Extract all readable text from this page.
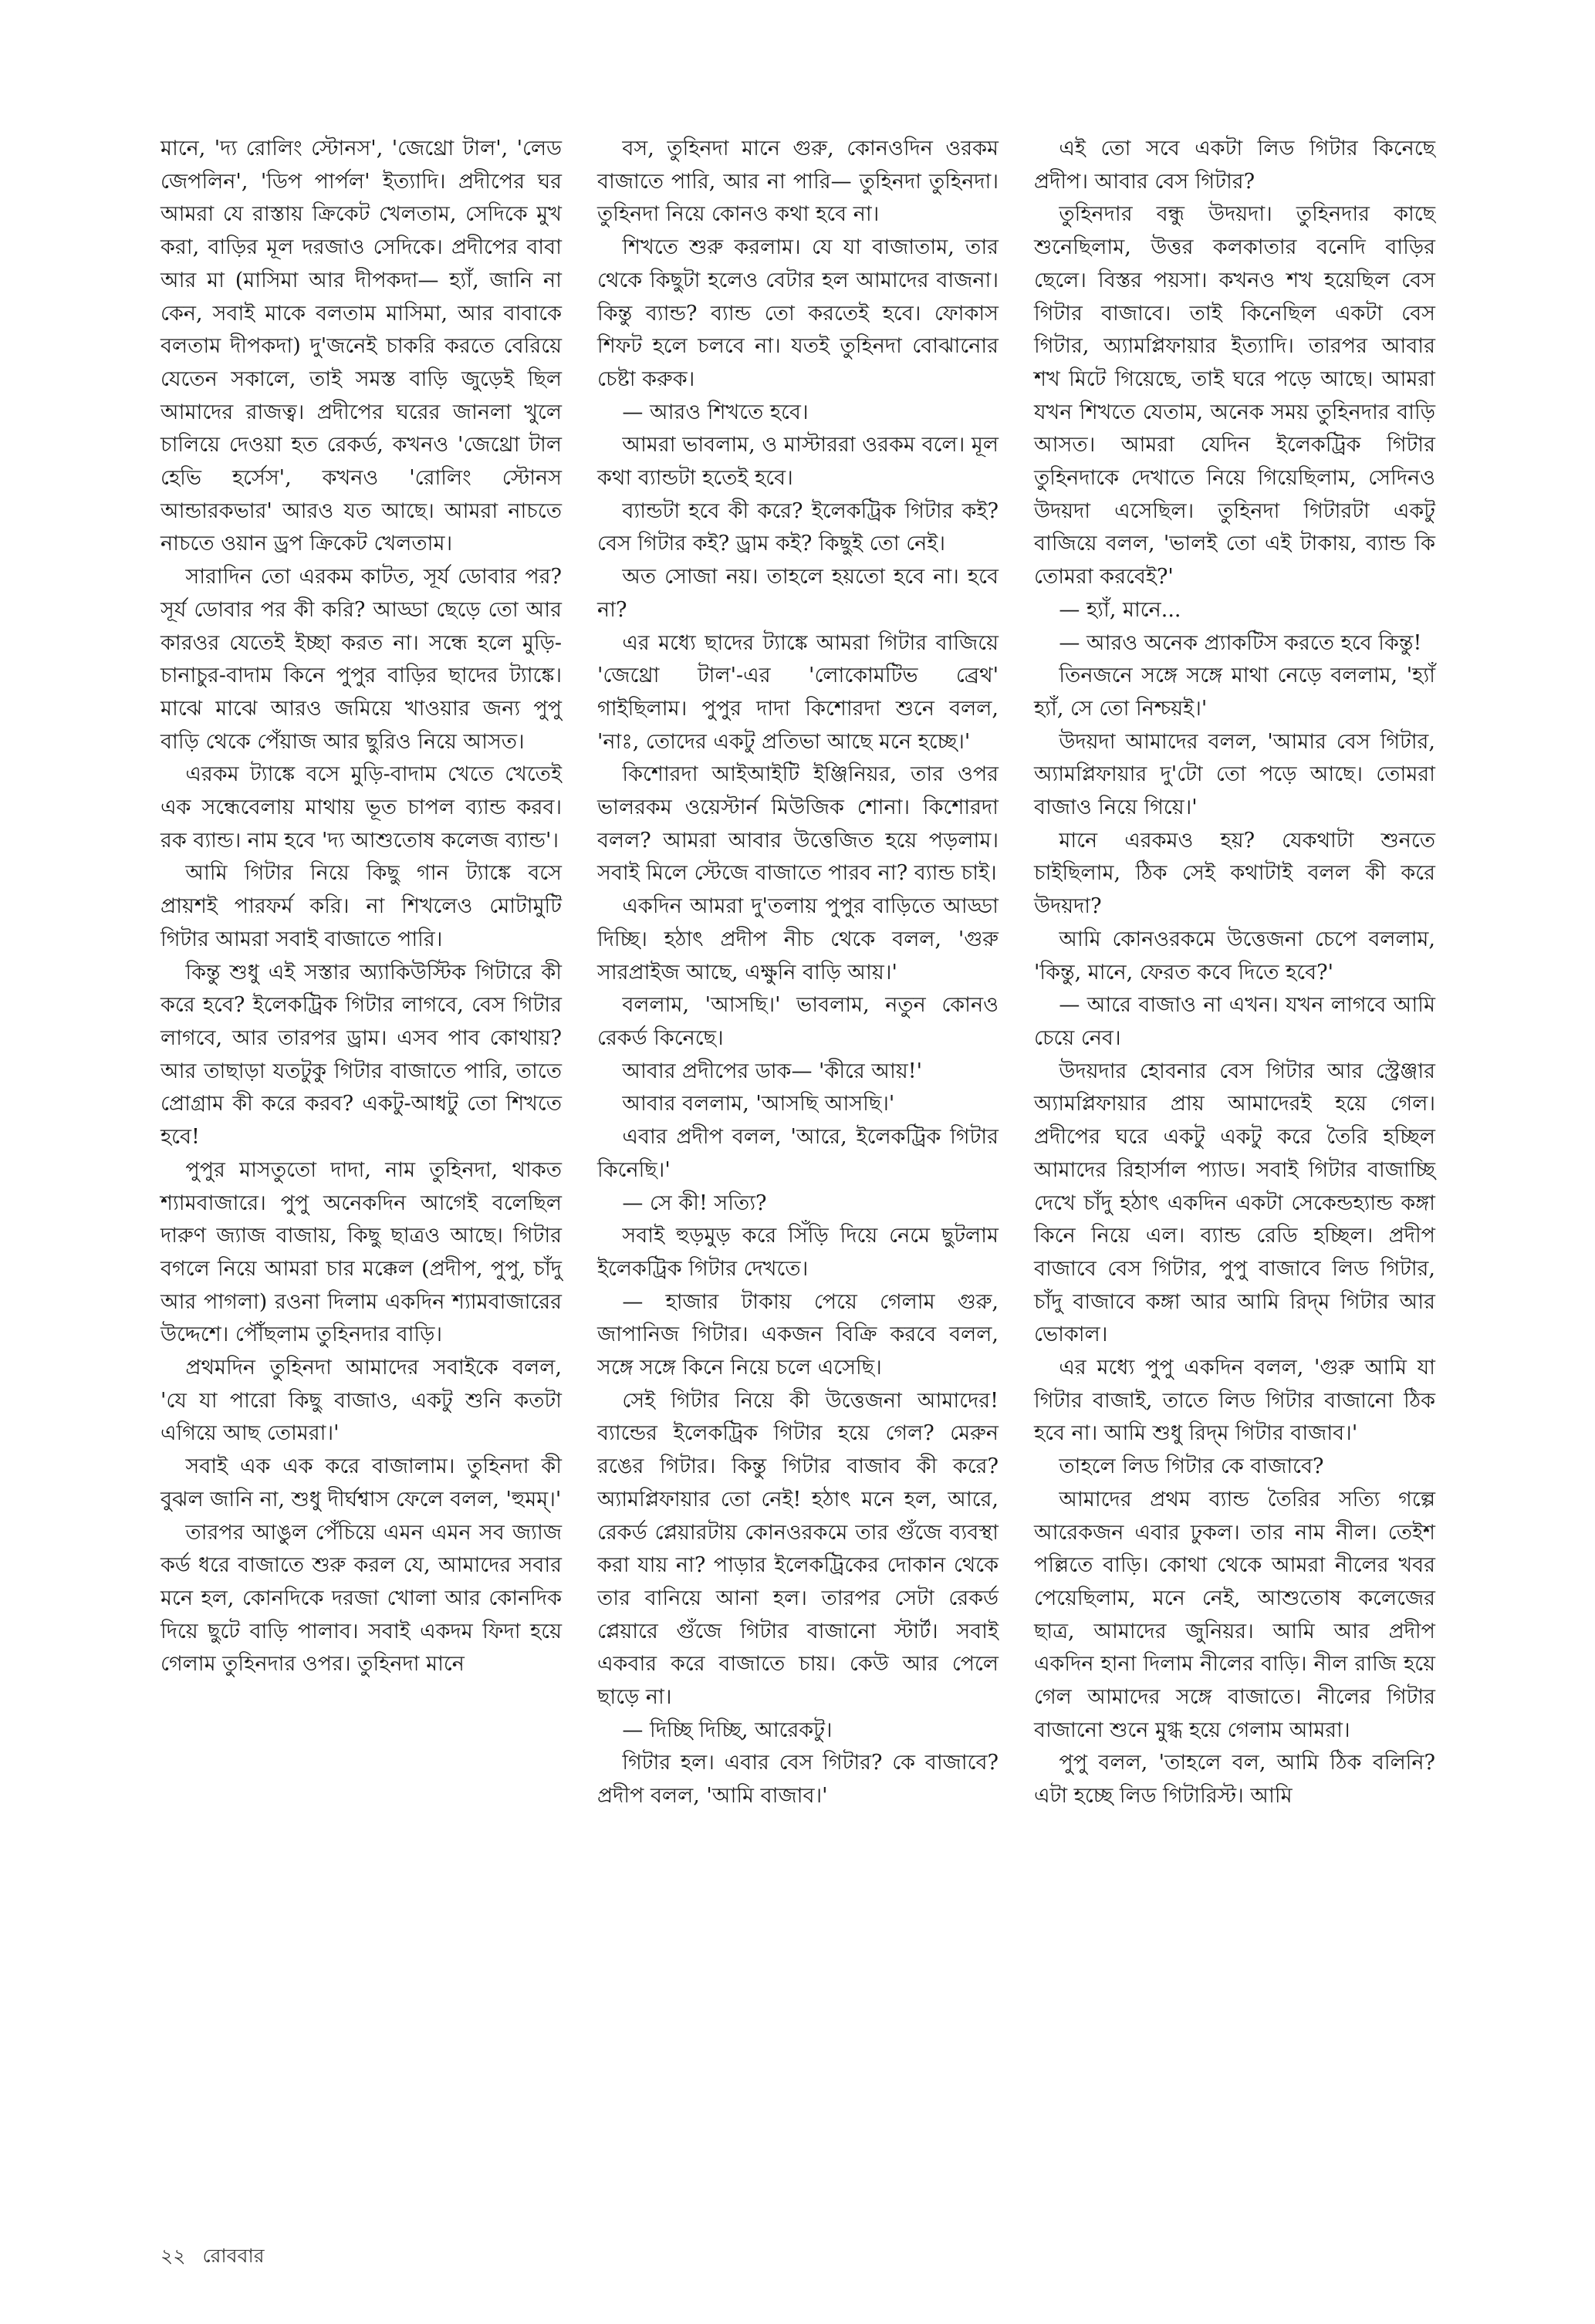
মানে, 'দ্য রোলিং স্টোনস', 'জেথ্রো টাল', 'লেড জেপলিন', 'ডিপ পার্পল' ইত্যাদি। প্রদীপের ঘর আমরা যে রাস্তায় ক্রিকেট খেলতাম, সেদিকে মুখ করা, বাড়ির মূল দরজাও সেদিকে। প্রদীপের বাবা আর মা (মাসিমা আর দীপকদা— হ্যাঁ, জানি না কেন, সবাই মাকে বলতাম মাসিমা, আর বাবাকে বলতাম দীপকদা) দু'জনেই চাকরি করতে বেরিয়ে যেতেন সকালে, তাই সমস্ত বাড়ি জুড়েই ছিল আমাদের রাজত্ব। প্রদীপের ঘরের জানলা খুলে চালিয়ে দেওয়া হত রেকর্ড, কখনও 'জেথ্রো টাল হেভি হর্সেস', কখনও 'রোলিং স্টোনস আন্ডারকভার' আরও যত আছে। আমরা নাচতে নাচতে ওয়ান ড্রপ ক্রিকেট খেলতাম।

সারাদিন তো এরকম কাটত, সূর্য ডোবার পর? সূর্য ডোবার পর কী করি? আড্ডা ছেড়ে তো আর কারওর যেতেই ইচ্ছা করত না। সন্ধে হলে মুড়ি-চানাচুর-বাদাম কিনে পুপুর বাড়ির ছাদের ট্যাঙ্কে। মাঝে মাঝে আরও জমিয়ে খাওয়ার জন্য পুপু বাড়ি থেকে পেঁয়াজ আর ছুরিও নিয়ে আসত।

এরকম ট্যাঙ্কে বসে মুড়ি-বাদাম খেতে খেতেই এক সন্ধেবেলায় মাথায় ভূত চাপল ব্যান্ড করব। রক ব্যান্ড। নাম হবে 'দ্য আশুতোষ কলেজ ব্যান্ড'।

আমি গিটার নিয়ে কিছু গান ট্যাঙ্কে বসে প্রায়শই পারফর্ম করি। না শিখলেও মোটামুটি গিটার আমরা সবাই বাজাতে পারি।

কিন্তু শুধু এই সস্তার অ্যাকিউস্টিক গিটারে কী করে হবে? ইলেকট্রিক গিটার লাগবে, বেস গিটার লাগবে, আর তারপর ড্রাম। এসব পাব কোথায়? আর তাছাড়া যতটুকু গিটার বাজাতে পারি, তাতে প্রোগ্রাম কী করে করব? একটু-আধটু তো শিখতে হবে!

পুপুর মাসতুতো দাদা, নাম তুহিনদা, থাকত শ্যামবাজারে। পুপু অনেকদিন আগেই বলেছিল দারুণ জ্যাজ বাজায়, কিছু ছাত্রও আছে। গিটার বগলে নিয়ে আমরা চার মক্কেল (প্রদীপ, পুপু, চাঁদু আর পাগলা) রওনা দিলাম একদিন শ্যামবাজারের উদ্দেশে। পৌঁছলাম তুহিনদার বাড়ি।

প্রথমদিন তুহিনদা আমাদের সবাইকে বলল, 'যে যা পারো কিছু বাজাও, একটু শুনি কতটা এগিয়ে আছ তোমরা।'

সবাই এক এক করে বাজালাম। তুহিনদা কী বুঝল জানি না, শুধু দীর্ঘশ্বাস ফেলে বলল, 'হুমম্।'

তারপর আঙুল পেঁচিয়ে এমন এমন সব জ্যাজ কর্ড ধরে বাজাতে শুরু করল যে, আমাদের সবার মনে হল, কোনদিকে দরজা খোলা আর কোনদিক দিয়ে ছুটে বাড়ি পালাব। সবাই একদম ফিদা হয়ে গেলাম তুহিনদার ওপর। তুহিনদা মানে

বস, তুহিনদা মানে গুরু, কোনওদিন ওরকম বাজাতে পারি, আর না পারি— তুহিনদা তুহিনদা। তুহিনদা নিয়ে কোনও কথা হবে না।

শিখতে শুরু করলাম। যে যা বাজাতাম, তার থেকে কিছুটা হলেও বেটার হল আমাদের বাজনা। কিন্তু ব্যান্ড? ব্যান্ড তো করতেই হবে। ফোকাস শিফট হলে চলবে না। যতই তুহিনদা বোঝানোর চেষ্টা করুক।

— আরও শিখতে হবে।

আমরা ভাবলাম, ও মাস্টাররা ওরকম বলে। মূল কথা ব্যান্ডটা হতেই হবে।

ব্যান্ডটা হবে কী করে? ইলেকট্রিক গিটার কই? বেস গিটার কই? ড্রাম কই? কিছুই তো নেই।

অত সোজা নয়। তাহলে হয়তো হবে না। হবে না?

এর মধ্যে ছাদের ট্যাঙ্কে আমরা গিটার বাজিয়ে 'জেথ্রো টাল'-এর 'লোকোমটিভ ব্রেথ' গাইছিলাম। পুপুর দাদা কিশোরদা শুনে বলল, 'নাঃ, তোদের একটু প্রতিভা আছে মনে হচ্ছে।'

কিশোরদা আইআইটি ইঞ্জিনিয়র, তার ওপর ভালরকম ওয়েস্টার্ন মিউজিক শোনা। কিশোরদা বলল? আমরা আবার উত্তেজিত হয়ে পড়লাম। সবাই মিলে স্টেজে বাজাতে পারব না? ব্যান্ড চাই।

একদিন আমরা দু'তলায় পুপুর বাড়িতে আড্ডা দিচ্ছি। হঠাৎ প্রদীপ নীচ থেকে বলল, 'গুরু সারপ্রাইজ আছে, এক্ষুনি বাড়ি আয়।'

বললাম, 'আসছি।' ভাবলাম, নতুন কোনও রেকর্ড কিনেছে।

আবার প্রদীপের ডাক— 'কীরে আয়!'

আবার বললাম, 'আসছি আসছি।'

এবার প্রদীপ বলল, 'আরে, ইলেকট্রিক গিটার কিনেছি।'

— সে কী! সত্যি?

সবাই হুড়মুড় করে সিঁড়ি দিয়ে নেমে ছুটলাম ইলেকট্রিক গিটার দেখতে।

— হাজার টাকায় পেয়ে গেলাম গুরু, জাপানিজ গিটার। একজন বিক্রি করবে বলল, সঙ্গে সঙ্গে কিনে নিয়ে চলে এসেছি।

সেই গিটার নিয়ে কী উত্তেজনা আমাদের! ব্যান্ডের ইলেকট্রিক গিটার হয়ে গেল? মেরুন রঙের গিটার। কিন্তু গিটার বাজাব কী করে? অ্যামপ্লিফায়ার তো নেই! হঠাৎ মনে হল, আরে, রেকর্ড প্লেয়ারটায় কোনওরকমে তার গুঁজে ব্যবস্থা করা যায় না? পাড়ার ইলেকট্রিকের দোকান থেকে তার বানিয়ে আনা হল। তারপর সেটা রেকর্ড প্লেয়ারে গুঁজে গিটার বাজানো স্টার্ট। সবাই একবার করে বাজাতে চায়। কেউ আর পেলে ছাড়ে না।

— দিচ্ছি দিচ্ছি, আরেকটু।

গিটার হল। এবার বেস গিটার? কে বাজাবে? প্রদীপ বলল, 'আমি বাজাব।'

এই তো সবে একটা লিড গিটার কিনেছে প্রদীপ। আবার বেস গিটার?

তুহিনদার বন্ধু উদয়দা। তুহিনদার কাছে শুনেছিলাম, উত্তর কলকাতার বনেদি বাড়ির ছেলে। বিস্তর পয়সা। কখনও শখ হয়েছিল বেস গিটার বাজাবে। তাই কিনেছিল একটা বেস গিটার, অ্যামপ্লিফায়ার ইত্যাদি। তারপর আবার শখ মিটে গিয়েছে, তাই ঘরে পড়ে আছে। আমরা যখন শিখতে যেতাম, অনেক সময় তুহিনদার বাড়ি আসত। আমরা যেদিন ইলেকট্রিক গিটার তুহিনদাকে দেখাতে নিয়ে গিয়েছিলাম, সেদিনও উদয়দা এসেছিল। তুহিনদা গিটারটা একটু বাজিয়ে বলল, 'ভালই তো এই টাকায়, ব্যান্ড কি তোমরা করবেই?'

— হ্যাঁ, মানে...

— আরও অনেক প্র্যাকটিস করতে হবে কিন্তু!

তিনজনে সঙ্গে সঙ্গে মাথা নেড়ে বললাম, 'হ্যাঁ হ্যাঁ, সে তো নিশ্চয়ই।'

উদয়দা আমাদের বলল, 'আমার বেস গিটার, অ্যামপ্লিফায়ার দু'টো তো পড়ে আছে। তোমরা বাজাও নিয়ে গিয়ে।'

মানে এরকমও হয়? যেকথাটা শুনতে চাইছিলাম, ঠিক সেই কথাটাই বলল কী করে উদয়দা?

আমি কোনওরকমে উত্তেজনা চেপে বললাম, 'কিন্তু, মানে, ফেরত কবে দিতে হবে?'

— আরে বাজাও না এখন। যখন লাগবে আমি চেয়ে নেব।

উদয়দার হোবনার বেস গিটার আর স্ট্রেঞ্জার অ্যামপ্লিফায়ার প্রায় আমাদেরই হয়ে গেল। প্রদীপের ঘরে একটু একটু করে তৈরি হচ্ছিল আমাদের রিহার্সাল প্যাড। সবাই গিটার বাজাচ্ছি দেখে চাঁদু হঠাৎ একদিন একটা সেকেন্ডহ্যান্ড কঙ্গা কিনে নিয়ে এল। ব্যান্ড রেডি হচ্ছিল। প্রদীপ বাজাবে বেস গিটার, পুপু বাজাবে লিড গিটার, চাঁদু বাজাবে কঙ্গা আর আমি রিদ্‌ম গিটার আর ভোকাল।

এর মধ্যে পুপু একদিন বলল, 'গুরু আমি যা গিটার বাজাই, তাতে লিড গিটার বাজানো ঠিক হবে না। আমি শুধু রিদ্‌ম গিটার বাজাব।'

তাহলে লিড গিটার কে বাজাবে?

আমাদের প্রথম ব্যান্ড তৈরির সত্যি গল্পে আরেকজন এবার ঢুকল। তার নাম নীল। তেইশ পল্লিতে বাড়ি। কোথা থেকে আমরা নীলের খবর পেয়েছিলাম, মনে নেই, আশুতোষ কলেজের ছাত্র, আমাদের জুনিয়র। আমি আর প্রদীপ একদিন হানা দিলাম নীলের বাড়ি। নীল রাজি হয়ে গেল আমাদের সঙ্গে বাজাতে। নীলের গিটার বাজানো শুনে মুগ্ধ হয়ে গেলাম আমরা।

পুপু বলল, 'তাহলে বল, আমি ঠিক বলিনি? এটা হচ্ছে লিড গিটারিস্ট। আমি

২২ রোববার
